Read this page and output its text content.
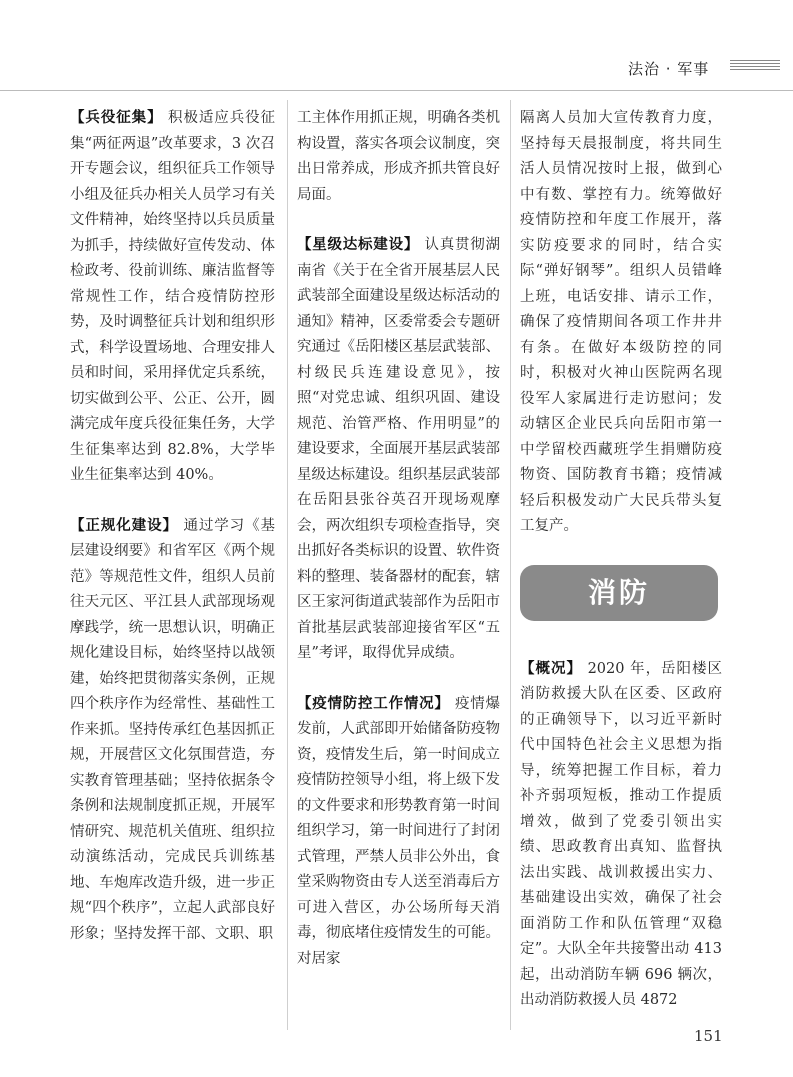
法治 · 军事

【兵役征集】 积极适应兵役征集“两征两退”改革要求，3 次召开专题会议，组织征兵工作领导小组及征兵办相关人员学习有关文件精神，始终坚持以兵员质量为抓手，持续做好宣传发动、体检政考、役前训练、廉洁监督等常规性工作，结合疫情防控形势，及时调整征兵计划和组织形式，科学设置场地、合理安排人员和时间，采用择优定兵系统，切实做到公平、公正、公开，圆满完成年度兵役征集任务，大学生征集率达到 82.8%，大学毕业生征集率达到 40%。

【正规化建设】 通过学习《基层建设纲要》和省军区《两个规范》等规范性文件，组织人员前往天元区、平江县人武部现场观摩践学，统一思想认识，明确正规化建设目标，始终坚持以战领建，始终把贯彻落实条例，正规四个秩序作为经常性、基础性工作来抓。坚持传承红色基因抓正规，开展营区文化氛围营造，夯实教育管理基础；坚持依据条令条例和法规制度抓正规，开展军情研究、规范机关值班、组织拉动演练活动，完成民兵训练基地、车炮库改造升级，进一步正规“四个秩序”，立起人武部良好形象；坚持发挥干部、文职、职

工主体作用抓正规，明确各类机构设置，落实各项会议制度，突出日常养成，形成齐抓共管良好局面。

【星级达标建设】 认真贯彻湖南省《关于在全省开展基层人民武装部全面建设星级达标活动的通知》精神，区委常委会专题研究通过《岳阳楼区基层武装部、村级民兵连建设意见》，按照“对党忠诚、组织巩固、建设规范、治管严格、作用明显”的建设要求，全面展开基层武装部星级达标建设。组织基层武装部在岳阳县张谷英召开现场观摩会，两次组织专项检查指导，突出抓好各类标识的设置、软件资料的整理、装备器材的配套，辖区王家河街道武装部作为岳阳市首批基层武装部迎接省军区“五星”考评，取得优异成绩。

【疫情防控工作情况】 疫情爆发前，人武部即开始储备防疫物资，疫情发生后，第一时间成立疫情防控领导小组，将上级下发的文件要求和形势教育第一时间组织学习，第一时间进行了封闭式管理，严禁人员非公外出，食堂采购物资由专人送至消毒后方可进入营区，办公场所每天消毒，彻底堵住疫情发生的可能。对居家

隔离人员加大宣传教育力度，坚持每天晨报制度，将共同生活人员情况按时上报，做到心中有数、掌控有力。统筹做好疫情防控和年度工作展开，落实防疫要求的同时，结合实际“弹好钢琴”。组织人员错峰上班，电话安排、请示工作，确保了疫情期间各项工作井井有条。在做好本级防控的同时，积极对火神山医院两名现役军人家属进行走访慰问；发动辖区企业民兵向岳阳市第一中学留校西藏班学生捐赠防疫物资、国防教育书籍；疫情减轻后积极发动广大民兵带头复工复产。

消防

【概况】 2020 年，岳阳楼区消防救援大队在区委、区政府的正确领导下，以习近平新时代中国特色社会主义思想为指导，统筹把握工作目标，着力补齐弱项短板，推动工作提质增效，做到了党委引领出实绩、思政教育出真知、监督执法出实践、战训救援出实力、基础建设出实效，确保了社会面消防工作和队伍管理“双稳定”。大队全年共接警出动 413 起，出动消防车辆 696 辆次，出动消防救援人员 4872

151
